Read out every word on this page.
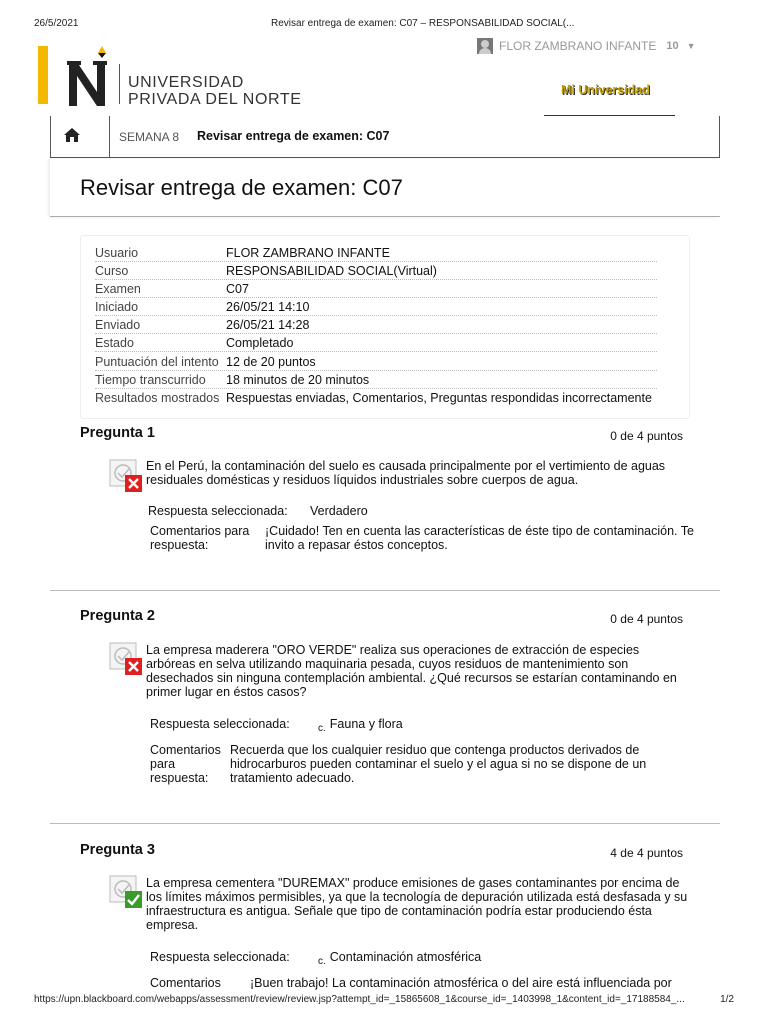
26/5/2021	Revisar entrega de examen: C07 – RESPONSABILIDAD SOCIAL(...
UNIVERSIDAD
PRIVADA DEL NORTE
FLOR ZAMBRANO INFANTE 10 ▼
Mi Universidad
SEMANA 8 Revisar entrega de examen: C07
Revisar entrega de examen: C07
Usuario	FLOR ZAMBRANO INFANTE
Curso	RESPONSABILIDAD SOCIAL(Virtual)
Examen	C07
Iniciado	26/05/21 14:10
Enviado	26/05/21 14:28
Estado	Completado
Puntuación del intento 12 de 20 puntos
Tiempo transcurrido 18 minutos de 20 minutos
Resultados mostrados Respuestas enviadas, Comentarios, Preguntas respondidas incorrectamente
Pregunta 1	0 de 4 puntos
En el Perú, la contaminación del suelo es causada principalmente por el vertimiento de aguas residuales domésticas y residuos líquidos industriales sobre cuerpos de agua.
Respuesta seleccionada: Verdadero
Comentarios para
respuesta:
¡Cuidado! Ten en cuenta las características de éste tipo de contaminación. Te invito a repasar éstos conceptos.
Pregunta 2	0 de 4 puntos
La empresa maderera "ORO VERDE" realiza sus operaciones de extracción de especies arbóreas en selva utilizando maquinaria pesada, cuyos residuos de mantenimiento son desechados sin ninguna contemplación ambiental. ¿Qué recursos se estarían contaminando en primer lugar en éstos casos?
Respuesta seleccionada:	$_{c.}$ Fauna y flora
Comentarios
para
respuesta:
Recuerda que los cualquier residuo que contenga productos derivados de hidrocarburos pueden contaminar el suelo y el agua si no se dispone de un tratamiento adecuado.
Pregunta 3	4 de 4 puntos
La empresa cementera "DUREMAX" produce emisiones de gases contaminantes por encima de los límites máximos permisibles, ya que la tecnología de depuración utilizada está desfasada y su infraestructura es antigua. Señale que tipo de contaminación podría estar produciendo ésta empresa.
Respuesta seleccionada:	$_{c.}$ Contaminación atmosférica
Comentarios ¡Buen trabajo! La contaminación atmosférica o del aire está influenciada por
https://upn.blackboard.com/webapps/assessment/review/review.jsp?attempt_id=_15865608_1&course_id=_1403998_1&content_id=_17188584_...	1/2
